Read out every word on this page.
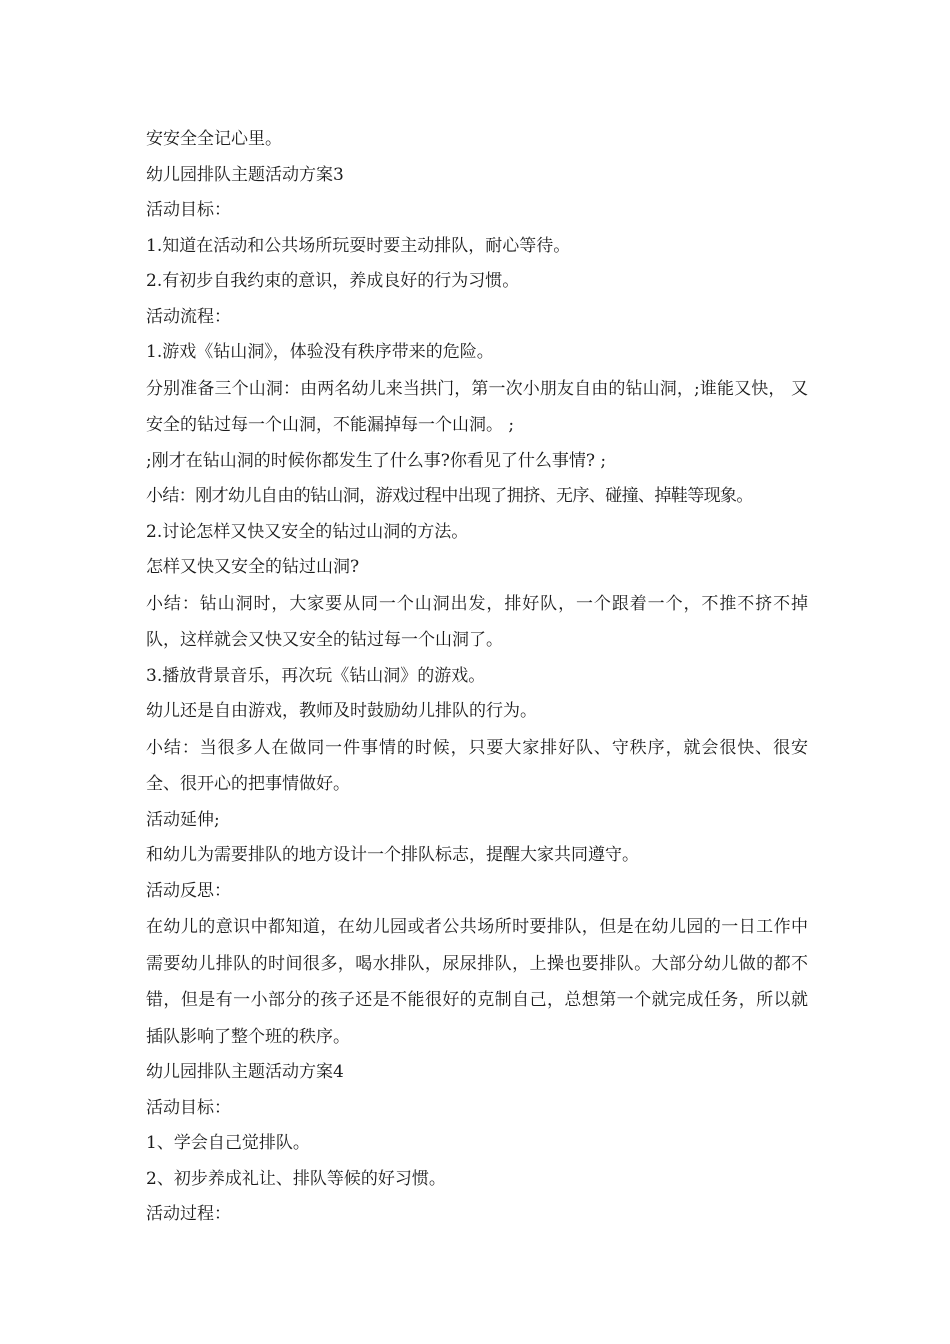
安安全全记心里。

幼儿园排队主题活动方案3

活动目标：

1.知道在活动和公共场所玩耍时要主动排队，耐心等待。

2.有初步自我约束的意识，养成良好的行为习惯。

活动流程：

1.游戏《钻山洞》，体验没有秩序带来的危险。

分别准备三个山洞：由两名幼儿来当拱门，第一次小朋友自由的钻山洞，;谁能又快， 又安全的钻过每一个山洞，不能漏掉每一个山洞。 ;

;刚才在钻山洞的时候你都发生了什么事?你看见了什么事情? ;

小结：刚才幼儿自由的钻山洞，游戏过程中出现了拥挤、无序、碰撞、掉鞋等现象。

2.讨论怎样又快又安全的钻过山洞的方法。

怎样又快又安全的钻过山洞?

小结：钻山洞时，大家要从同一个山洞出发，排好队，一个跟着一个，不推不挤不掉队，这样就会又快又安全的钻过每一个山洞了。

3.播放背景音乐，再次玩《钻山洞》的游戏。

幼儿还是自由游戏，教师及时鼓励幼儿排队的行为。

小结：当很多人在做同一件事情的时候，只要大家排好队、守秩序，就会很快、很安全、很开心的把事情做好。

活动延伸;

和幼儿为需要排队的地方设计一个排队标志，提醒大家共同遵守。

活动反思：

在幼儿的意识中都知道，在幼儿园或者公共场所时要排队，但是在幼儿园的一日工作中需要幼儿排队的时间很多，喝水排队，尿尿排队，上操也要排队。大部分幼儿做的都不错，但是有一小部分的孩子还是不能很好的克制自己，总想第一个就完成任务，所以就插队影响了整个班的秩序。

幼儿园排队主题活动方案4

活动目标：

1、学会自己觉排队。

2、初步养成礼让、排队等候的好习惯。

活动过程：
